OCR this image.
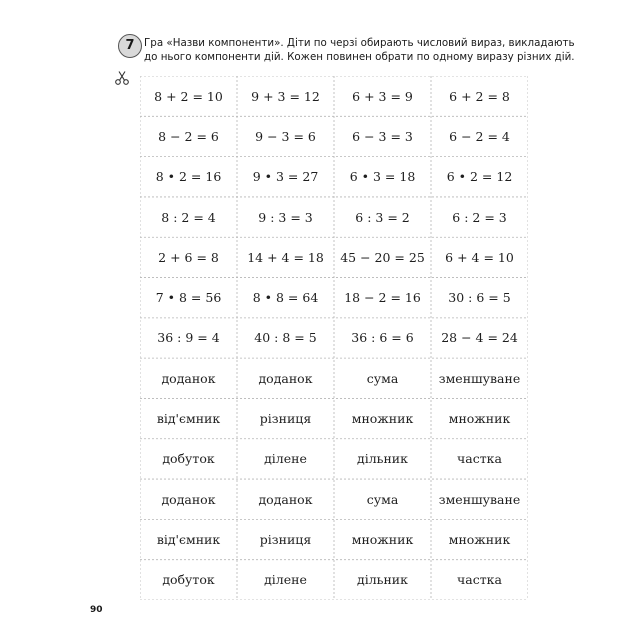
7 Гра «Назви компоненти». Діти по черзі обирають числовий вираз, викладають
до нього компоненти дій. Кожен повинен обрати по одному виразу різних дій.

8 + 2 = 10	9 + 3 = 12	6 + 3 = 9	6 + 2 = 8
8 − 2 = 6	9 − 3 = 6	6 − 3 = 3	6 − 2 = 4
8 • 2 = 16	9 • 3 = 27	6 • 3 = 18	6 • 2 = 12
8 : 2 = 4	9 : 3 = 3	6 : 3 = 2	6 : 2 = 3
2 + 6 = 8	14 + 4 = 18	45 − 20 = 25	6 + 4 = 10
7 • 8 = 56	8 • 8 = 64	18 − 2 = 16	30 : 6 = 5
36 : 9 = 4	40 : 8 = 5	36 : 6 = 6	28 − 4 = 24
доданок	доданок	сума	зменшуване
від'ємник	різниця	множник	множник
добуток	ділене	дільник	частка
доданок	доданок	сума	зменшуване
від'ємник	різниця	множник	множник
добуток	ділене	дільник	частка
90
